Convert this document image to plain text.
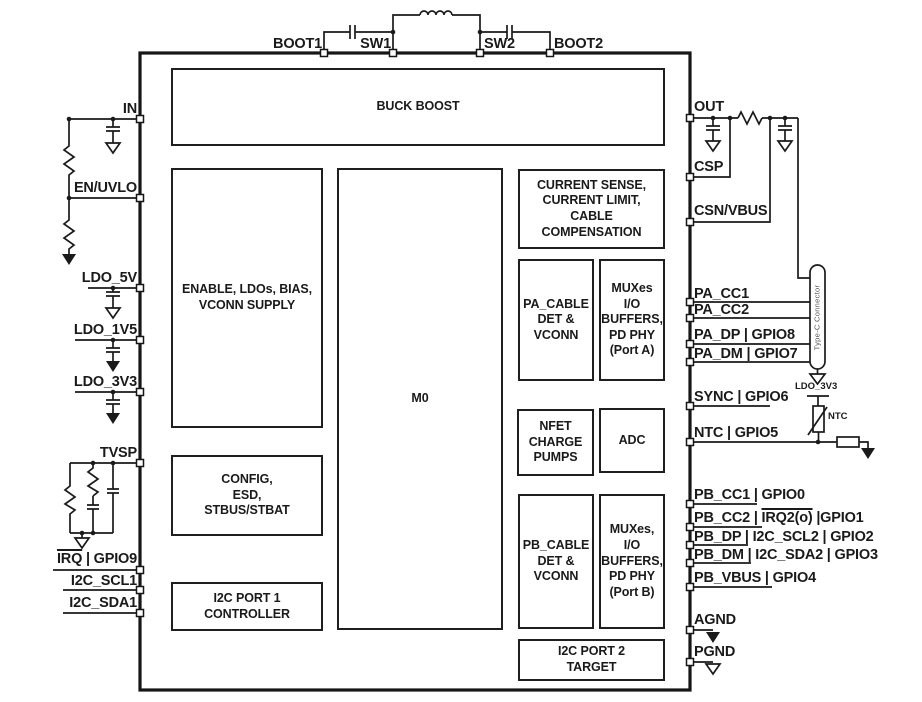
BUCK BOOST
ENABLE, LDOs, BIAS,
VCONN SUPPLY
M0
CURRENT SENSE,
CURRENT LIMIT, CABLE
COMPENSATION
PA_CABLE
DET &
VCONN
MUXes
I/O
BUFFERS,
PD PHY
(Port A)
NFET
CHARGE
PUMPS
ADC
PB_CABLE
DET &
VCONN
MUXes,
I/O
BUFFERS,
PD PHY
(Port B)
I2C PORT 2
TARGET
CONFIG,
ESD,
STBUS/STBAT
I2C PORT 1
CONTROLLER
BOOT1	SW1	SW2	BOOT2
IN
EN/UVLO
LDO_5V
LDO_1V5
LDO_3V3
TVSP
$\overline{IRQ}$ | GPIO9
I2C_SCL1
I2C_SDA1
OUT
CSP
CSN/VBUS
PA_CC1
PA_CC2
PA_DP | GPIO8
PA_DM | GPIO7
SYNC | GPIO6
NTC | GPIO5
PB_CC1 | GPIO0
PB_CC2 | IRQ2(o) |GPIO1
PB_DP | I2C_SCL2 | GPIO2
PB_DM | I2C_SDA2 | GPIO3
PB_VBUS | GPIO4
AGND
PGND
Type-C Connector
LDO_3V3
NTC
